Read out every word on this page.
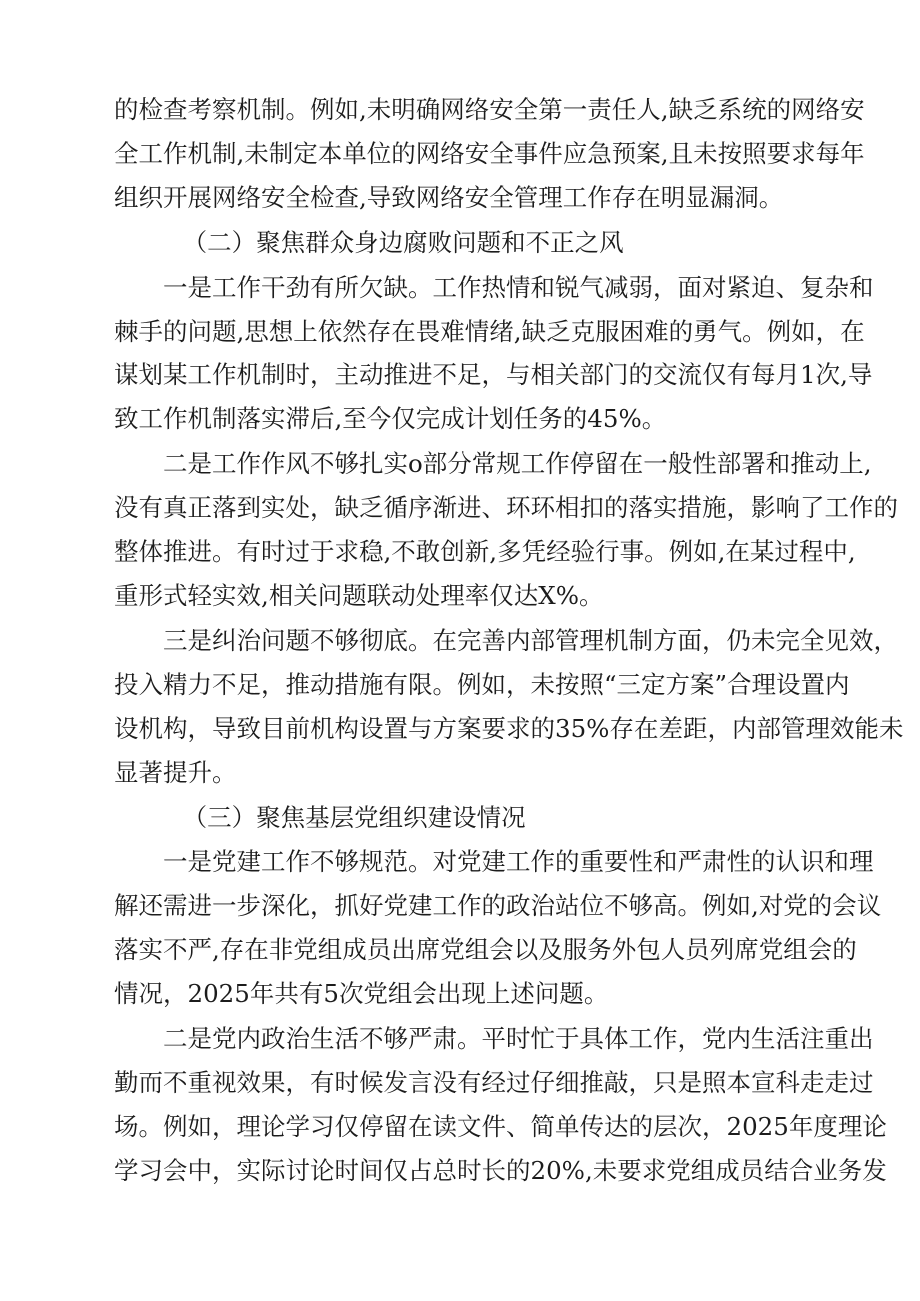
的检查考察机制。例如,未明确网络安全第一责任人,缺乏系统的网络安
全工作机制,未制定本单位的网络安全事件应急预案,且未按照要求每年
组织开展网络安全检查,导致网络安全管理工作存在明显漏洞。
（二）聚焦群众身边腐败问题和不正之风
一是工作干劲有所欠缺。工作热情和锐气减弱，面对紧迫、复杂和
棘手的问题,思想上依然存在畏难情绪,缺乏克服困难的勇气。例如，在
谋划某工作机制时，主动推进不足，与相关部门的交流仅有每月1次,导
致工作机制落实滞后,至今仅完成计划任务的45%。
二是工作作风不够扎实o部分常规工作停留在一般性部署和推动上,
没有真正落到实处，缺乏循序渐进、环环相扣的落实措施，影响了工作的
整体推进。有时过于求稳,不敢创新,多凭经验行事。例如,在某过程中,
重形式轻实效,相关问题联动处理率仅达X%。
三是纠治问题不够彻底。在完善内部管理机制方面，仍未完全见效，
投入精力不足，推动措施有限。例如，未按照“三定方案”合理设置内
设机构，导致目前机构设置与方案要求的35%存在差距，内部管理效能未
显著提升。
（三）聚焦基层党组织建设情况
一是党建工作不够规范。对党建工作的重要性和严肃性的认识和理
解还需进一步深化，抓好党建工作的政治站位不够高。例如,对党的会议
落实不严,存在非党组成员出席党组会以及服务外包人员列席党组会的
情况，2025年共有5次党组会出现上述问题。
二是党内政治生活不够严肃。平时忙于具体工作，党内生活注重出
勤而不重视效果，有时候发言没有经过仔细推敲，只是照本宣科走走过
场。例如，理论学习仅停留在读文件、简单传达的层次，2025年度理论
学习会中，实际讨论时间仅占总时长的20%,未要求党组成员结合业务发
